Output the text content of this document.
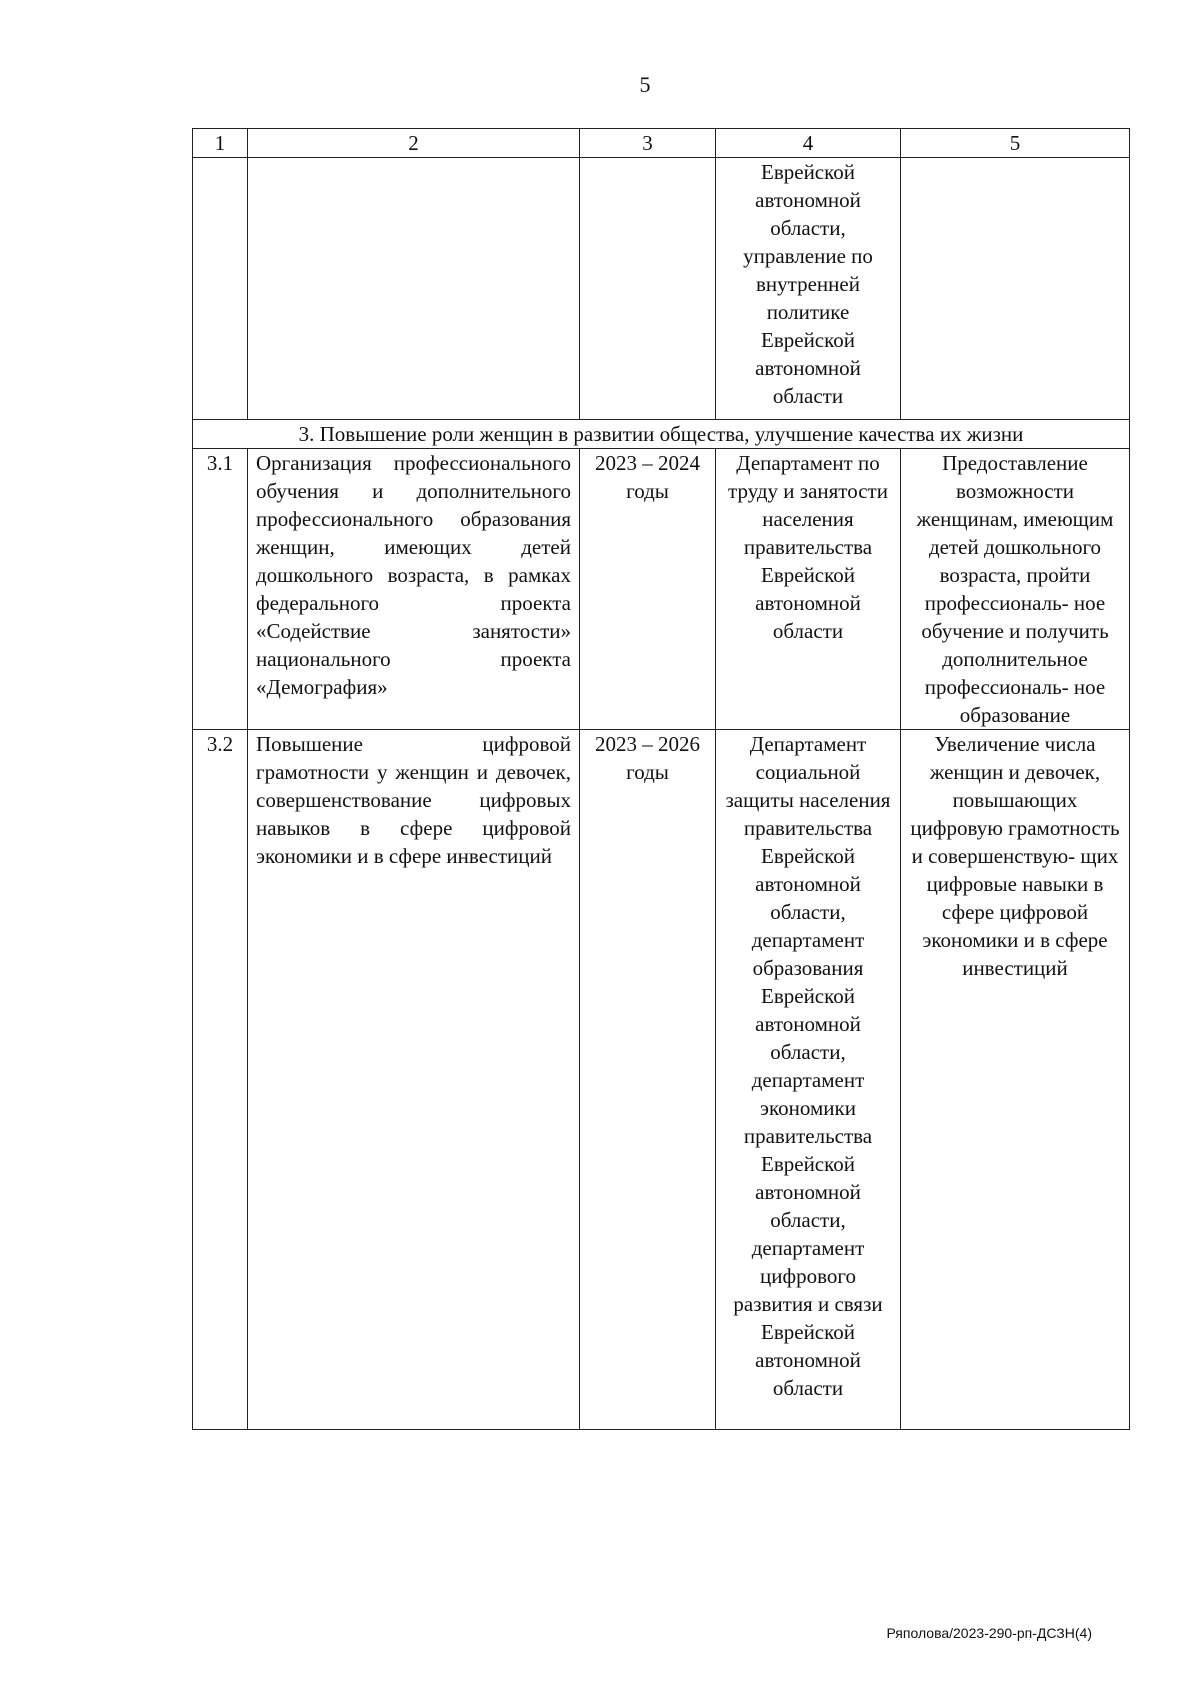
5
1	2	3	4	5
			Еврейской автономной области, управление по внутренней политике Еврейской автономной области	
3. Повышение роли женщин в развитии общества, улучшение качества их жизни				
3.1	Организация профессионального обучения и дополнительного профессионального образования женщин, имеющих детей дошкольного возраста, в рамках федерального проекта «Содействие занятости» национального проекта «Демография»	2023 – 2024 годы	Департамент по труду и занятости населения правительства Еврейской автономной области	Предоставление возможности женщинам, имеющим детей дошкольного возраста, пройти профессиональ- ное обучение и получить дополнительное профессиональ- ное образование
3.2	Повышение цифровой грамотности у женщин и девочек, совершенствование цифровых навыков в сфере цифровой экономики и в сфере инвестиций	2023 – 2026 годы	Департамент социальной защиты населения правительства Еврейской автономной области, департамент образования Еврейской автономной области, департамент экономики правительства Еврейской автономной области, департамент цифрового развития и связи Еврейской автономной области	Увеличение числа женщин и девочек, повышающих цифровую грамотность и совершенствую- щих цифровые навыки в сфере цифровой экономики и в сфере инвестиций
Ряполова/2023-290-рп-ДСЗН(4)
